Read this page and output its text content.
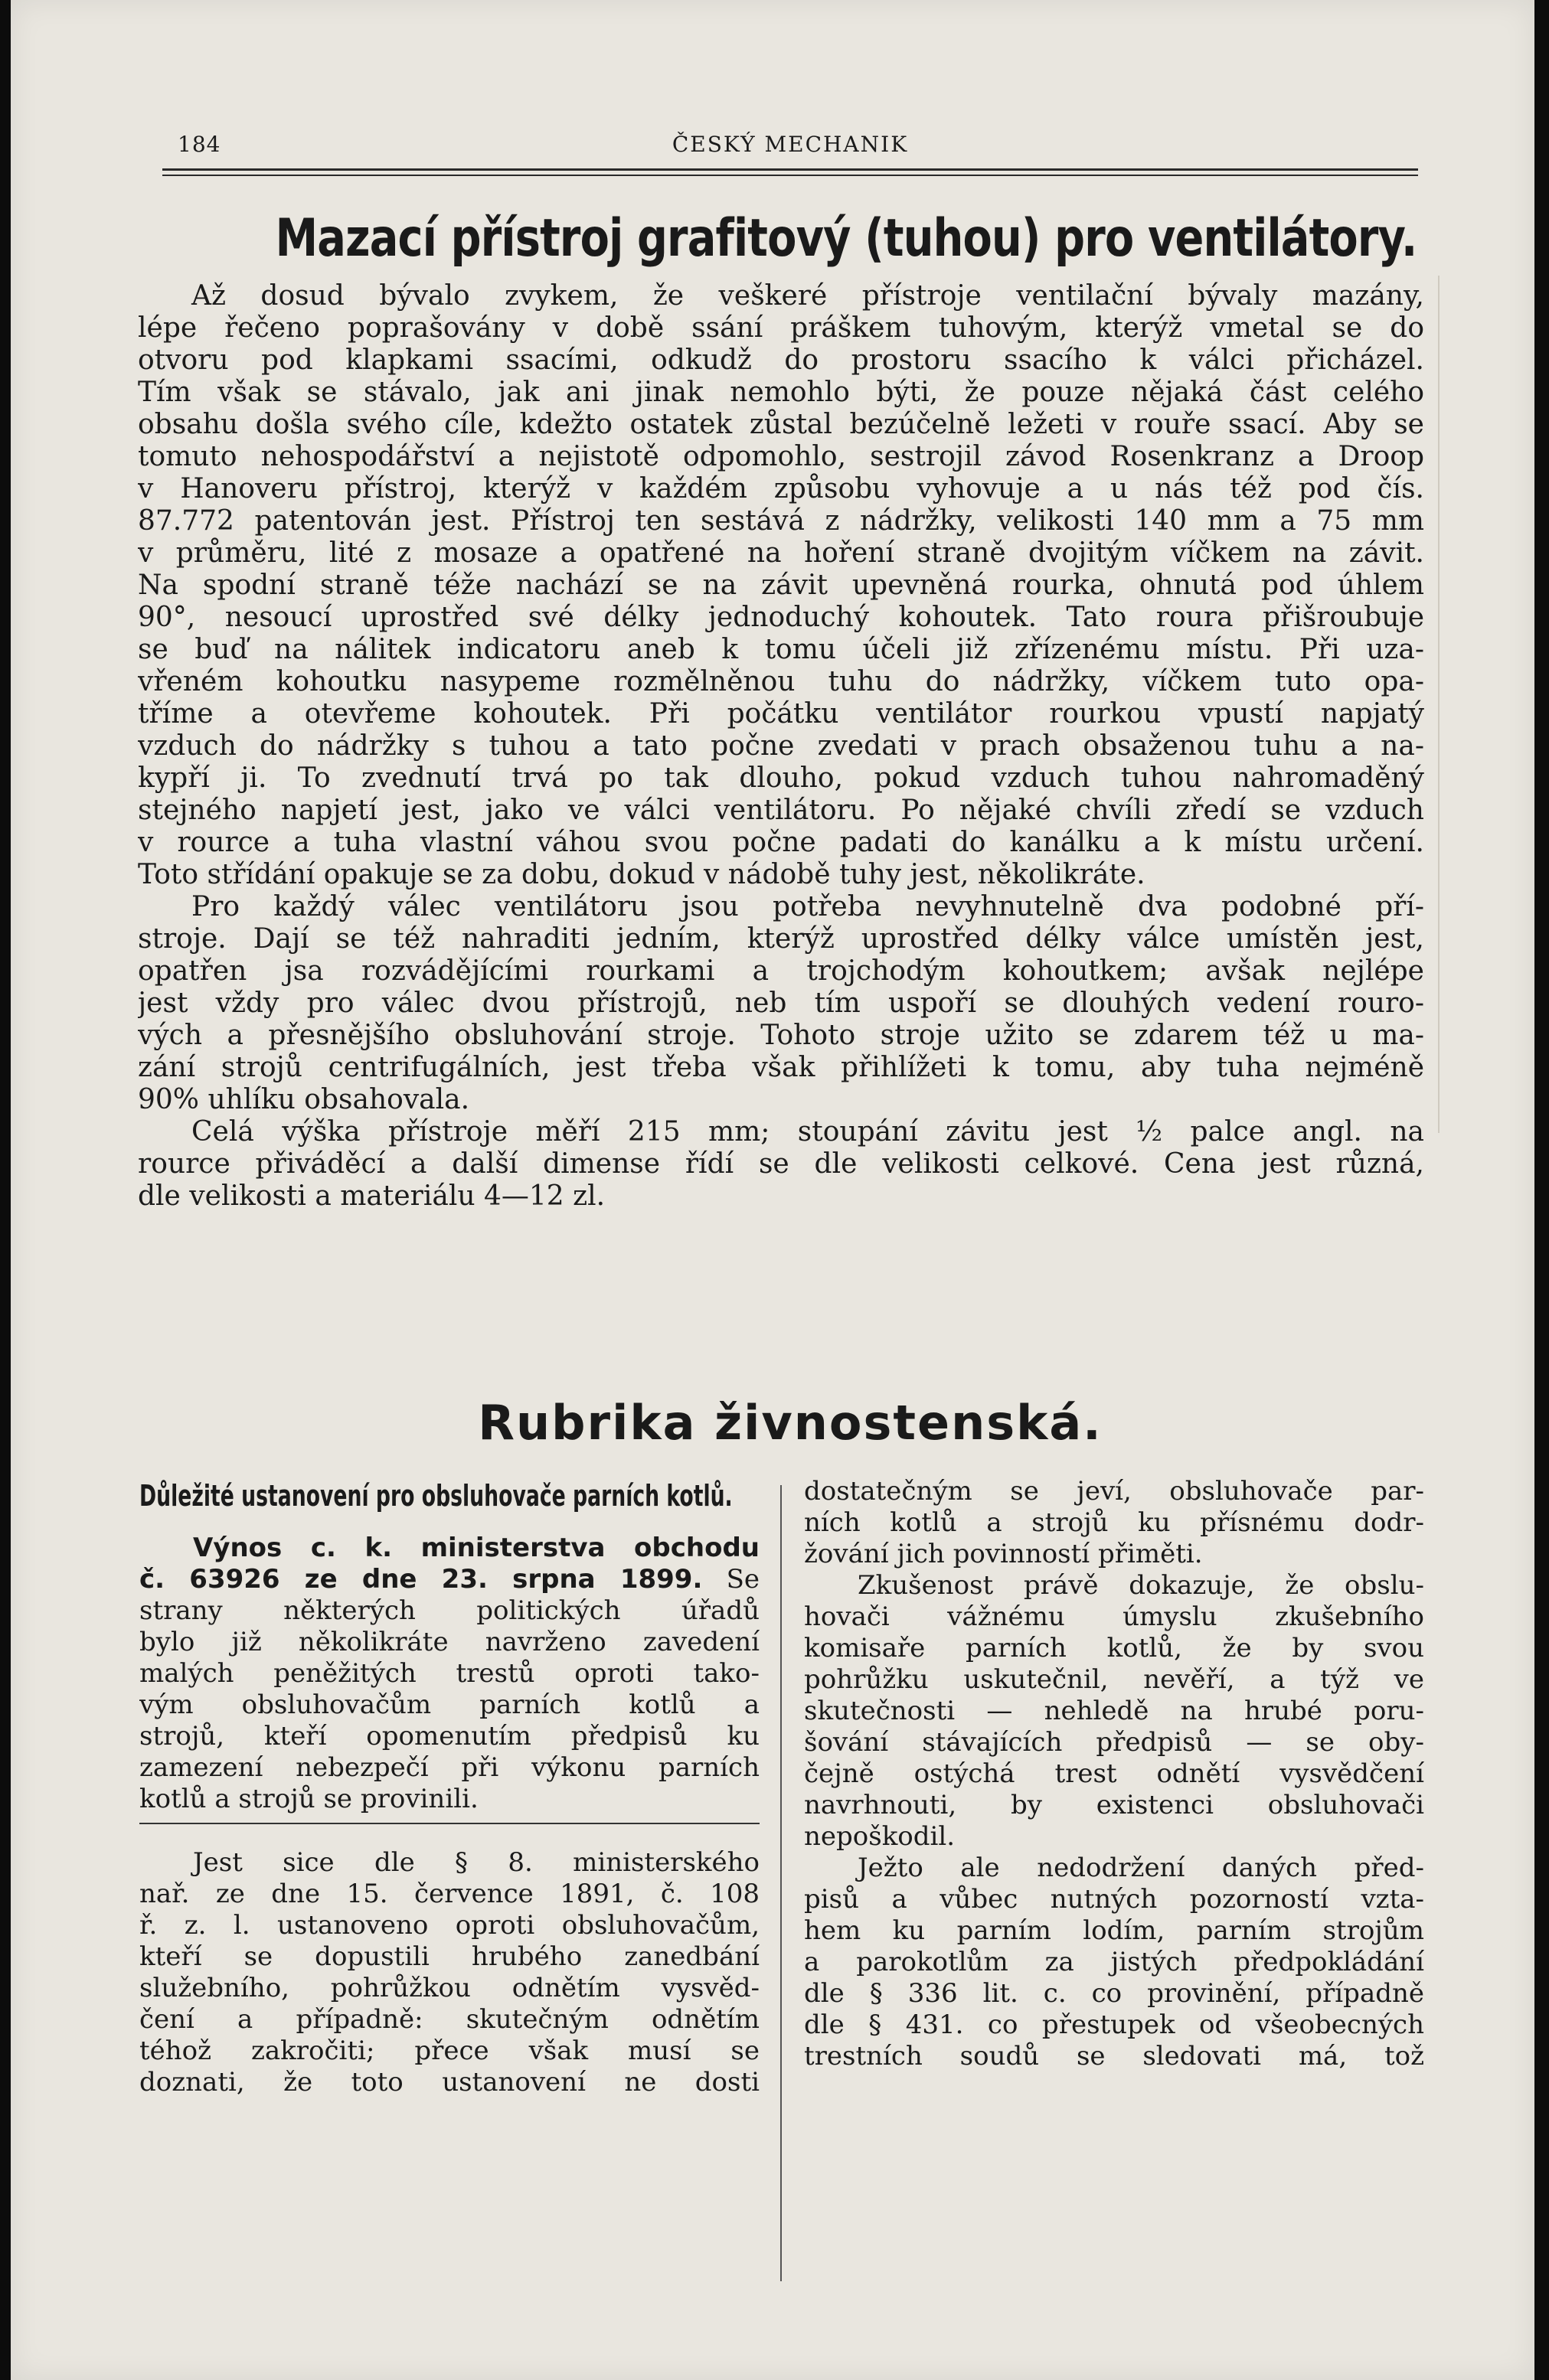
184	ČESKÝ MECHANIK
Mazací přístroj grafitový (tuhou) pro ventilátory.
Až dosud bývalo zvykem, že veškeré přístroje ventilační bývaly mazány,
lépe řečeno poprašovány v době ssání práškem tuhovým, kterýž vmetal se do
otvoru pod klapkami ssacími, odkudž do prostoru ssacího k válci přicházel.
Tím však se stávalo, jak ani jinak nemohlo býti, že pouze nějaká část celého
obsahu došla svého cíle, kdežto ostatek zůstal bezúčelně ležeti v rouře ssací. Aby se
tomuto nehospodářství a nejistotě odpomohlo, sestrojil závod Rosenkranz a Droop
v Hanoveru přístroj, kterýž v každém způsobu vyhovuje a u nás též pod čís.
87.772 patentován jest. Přístroj ten sestává z nádržky, velikosti 140 mm a 75 mm
v průměru, lité z mosaze a opatřené na hoření straně dvojitým víčkem na závit.
Na spodní straně téže nachází se na závit upevněná rourka, ohnutá pod úhlem
90°, nesoucí uprostřed své délky jednoduchý kohoutek. Tato roura přišroubuje
se buď na nálitek indicatoru aneb k tomu účeli již zřízenému místu. Při uza-
vřeném kohoutku nasypeme rozmělněnou tuhu do nádržky, víčkem tuto opa-
tříme a otevřeme kohoutek. Při počátku ventilátor rourkou vpustí napjatý
vzduch do nádržky s tuhou a tato počne zvedati v prach obsaženou tuhu a na-
kypří ji. To zvednutí trvá po tak dlouho, pokud vzduch tuhou nahromaděný
stejného napjetí jest, jako ve válci ventilátoru. Po nějaké chvíli zředí se vzduch
v rource a tuha vlastní váhou svou počne padati do kanálku a k místu určení.
Toto střídání opakuje se za dobu, dokud v nádobě tuhy jest, několikráte.
Pro každý válec ventilátoru jsou potřeba nevyhnutelně dva podobné pří-
stroje. Dají se též nahraditi jedním, kterýž uprostřed délky válce umístěn jest,
opatřen jsa rozvádějícími rourkami a trojchodým kohoutkem; avšak nejlépe
jest vždy pro válec dvou přístrojů, neb tím uspoří se dlouhých vedení rourо-
vých a přesnějšího obsluhování stroje. Tohoto stroje užito se zdarem též u ma-
zání strojů centrifugálních, jest třeba však přihlížeti k tomu, aby tuha nejméně
90% uhlíku obsahovala.
Celá výška přístroje měří 215 mm; stoupání závitu jest ½ palce angl. na
rource přiváděcí a další dimense řídí se dle velikosti celkové. Cena jest různá,
dle velikosti a materiálu 4—12 zl.
Rubrika živnostenská.
Důležité ustanovení pro obsluhovače parních kotlů.
Výnos c. k. ministerstva obchodu
č. 63926 ze dne 23. srpna 1899. Se
strany některých politických úřadů
bylo již několikráte navrženo zavedení
malých peněžitých trestů oproti tako-
vým obsluhovačům parních kotlů a
strojů, kteří opomenutím předpisů ku
zamezení nebezpečí při výkonu parních
kotlů a strojů se provinili.
Jest sice dle § 8. ministerského
nař. ze dne 15. července 1891, č. 108
ř. z. l. ustanoveno oproti obsluhovačům,
kteří se dopustili hrubého zanedbání
služebního, pohrůžkou odnětím vysvěd-
čení a případně: skutečným odnětím
téhož zakročiti; přece však musí se
doznati, že toto ustanovení ne dosti
dostatečným se jeví, obsluhovače par-
ních kotlů a strojů ku přísnému dodr-
žování jich povinností přiměti.
Zkušenost právě dokazuje, že obslu-
hovači vážnému úmyslu zkušebního
komisaře parních kotlů, že by svou
pohrůžku uskutečnil, nevěří, a týž ve
skutečnosti — nehledě na hrubé poru-
šování stávajících předpisů — se oby-
čejně ostýchá trest odnětí vysvědčení
navrhnouti, by existenci obsluhovači
nepoškodil.
Ježto ale nedodržení daných před-
pisů a vůbec nutných pozorností vzta-
hem ku parním lodím, parním strojům
a parokotlům za jistých předpokládání
dle § 336 lit. c. co provinění, případně
dle § 431. co přestupek od všeobecných
trestních soudů se sledovati má, tož
